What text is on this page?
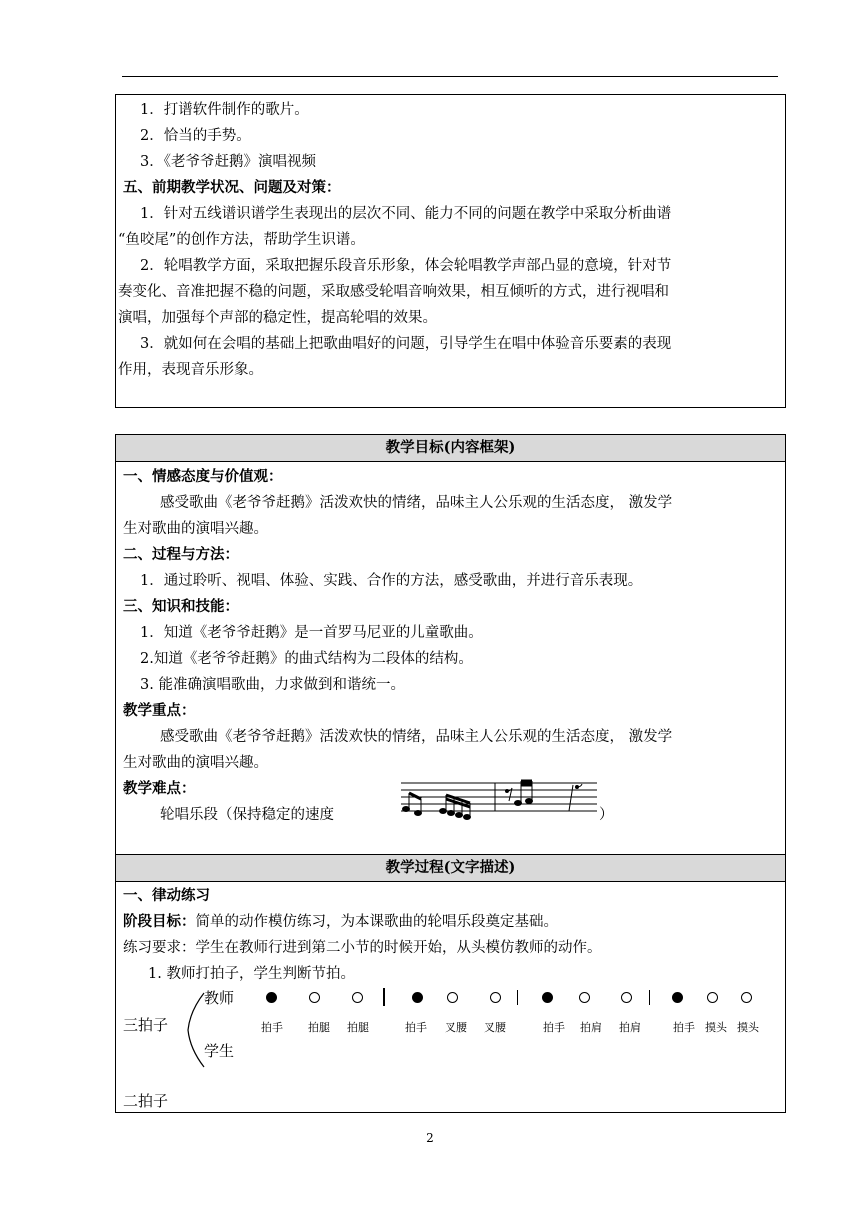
1．打谱软件制作的歌片。
2．恰当的手势。
3．《老爷爷赶鹅》演唱视频
五、前期教学状况、问题及对策：
1．针对五线谱识谱学生表现出的层次不同、能力不同的问题在教学中采取分析曲谱
“鱼咬尾”的创作方法，帮助学生识谱。
2．轮唱教学方面，采取把握乐段音乐形象，体会轮唱教学声部凸显的意境，针对节
奏变化、音准把握不稳的问题，采取感受轮唱音响效果，相互倾听的方式，进行视唱和
演唱，加强每个声部的稳定性，提高轮唱的效果。
3．就如何在会唱的基础上把歌曲唱好的问题，引导学生在唱中体验音乐要素的表现
作用，表现音乐形象。
教学目标(内容框架)
一、情感态度与价值观：
感受歌曲《老爷爷赶鹅》活泼欢快的情绪，品味主人公乐观的生活态度， 激发学
生对歌曲的演唱兴趣。
二、过程与方法：
1．通过聆听、视唱、体验、实践、合作的方法，感受歌曲，并进行音乐表现。
三、知识和技能：
1．知道《老爷爷赶鹅》是一首罗马尼亚的儿童歌曲。
2.知道《老爷爷赶鹅》的曲式结构为二段体的结构。
3. 能准确演唱歌曲，力求做到和谐统一。
教学重点：
感受歌曲《老爷爷赶鹅》活泼欢快的情绪，品味主人公乐观的生活态度， 激发学
生对歌曲的演唱兴趣。
教学难点：
轮唱乐段（保持稳定的速度	）
教学过程(文字描述)
一、律动练习
阶段目标：简单的动作模仿练习，为本课歌曲的轮唱乐段奠定基础。
练习要求：学生在教师行进到第二小节的时候开始，从头模仿教师的动作。
1. 教师打拍子，学生判断节拍。
三拍子
教师
学生
拍手 拍腿 拍腿	拍手 叉腰 叉腰	拍手 拍肩 拍肩	拍手 摸头 摸头
二拍子
2
